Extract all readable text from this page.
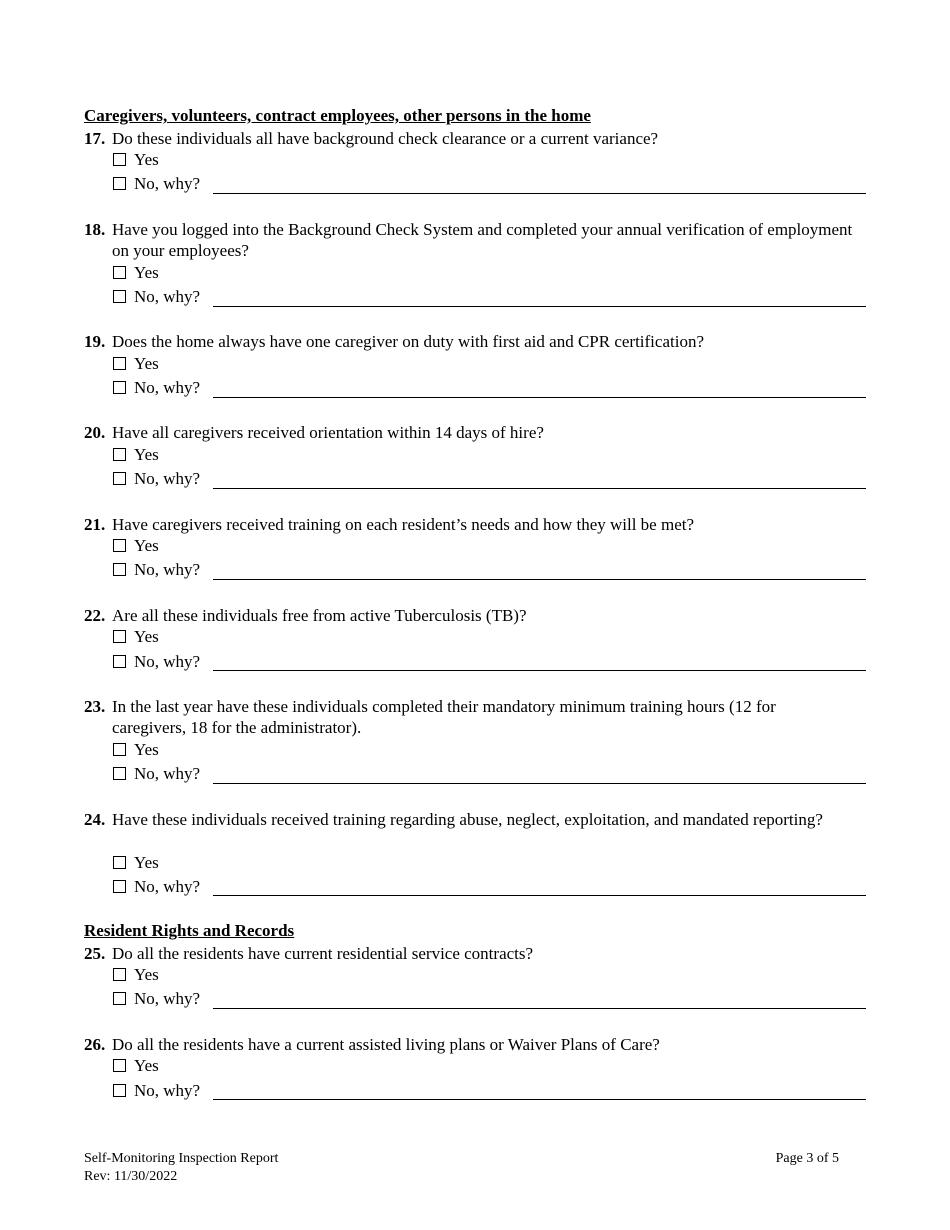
Caregivers, volunteers, contract employees, other persons in the home
17. Do these individuals all have background check clearance or a current variance?
Yes
No, why?
18. Have you logged into the Background Check System and completed your annual verification of employment on your employees?
Yes
No, why?
19. Does the home always have one caregiver on duty with first aid and CPR certification?
Yes
No, why?
20. Have all caregivers received orientation within 14 days of hire?
Yes
No, why?
21. Have caregivers received training on each resident’s needs and how they will be met?
Yes
No, why?
22. Are all these individuals free from active Tuberculosis (TB)?
Yes
No, why?
23. In the last year have these individuals completed their mandatory minimum training hours (12 for caregivers, 18 for the administrator).
Yes
No, why?
24. Have these individuals received training regarding abuse, neglect, exploitation, and mandated reporting?
Yes
No, why?
Resident Rights and Records
25. Do all the residents have current residential service contracts?
Yes
No, why?
26. Do all the residents have a current assisted living plans or Waiver Plans of Care?
Yes
No, why?
Self-Monitoring Inspection Report
Rev: 11/30/2022
Page 3 of 5
